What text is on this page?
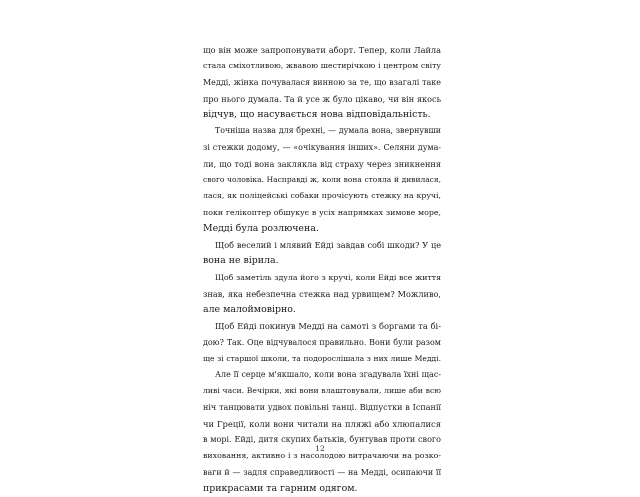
що він може запропонувати аборт. Тепер, коли Лайла
стала сміхотливою, жвавою шестирічкою і центром світу
Медді, жінка почувалася винною за те, що взагалі таке
про нього думала. Та й усе ж було цікаво, чи він якось
відчув, що насувається нова відповідальність.
Точніша назва для брехні, — думала вона, звернувши
зі стежки додому, — «очікування інших». Селяни дума-
ли, що тоді вона заклякла від страху через зникнення
свого чоловіка. Насправді ж, коли вона стояла й дивилася,
лася, як поліцейські собаки прочісують стежку на кручі,
поки гелікоптер обшукує в усіх напрямках зимове море,
Медді була розлючена.
Щоб веселий і млявий Ейді завдав собі шкоди? У це
вона не вірила.
Щоб заметіль здула його з кручі, коли Ейді все життя
знав, яка небезпечна стежка над урвищем? Можливо,
але малоймовірно.
Щоб Ейді покинув Медді на самоті з боргами та бі-
дою? Так. Оце відчувалося правильно. Вони були разом
ще зі старшої школи, та подорослішала з них лише Медді.
Але її серце м'якшало, коли вона згадувала їхні щас-
ливі часи. Вечірки, які вони влаштовували, лише аби всю
ніч танцювати удвох повільні танці. Відпустки в Іспанії
чи Греції, коли вони читали на пляжі або хлюпалися
в морі. Ейді, дитя скупих батьків, бунтував проти свого
виховання, активно і з насолодою витрачаючи на розко-
ваги й — задля справедливості — на Медді, осипаючи її
прикрасами та гарним одягом.
12
